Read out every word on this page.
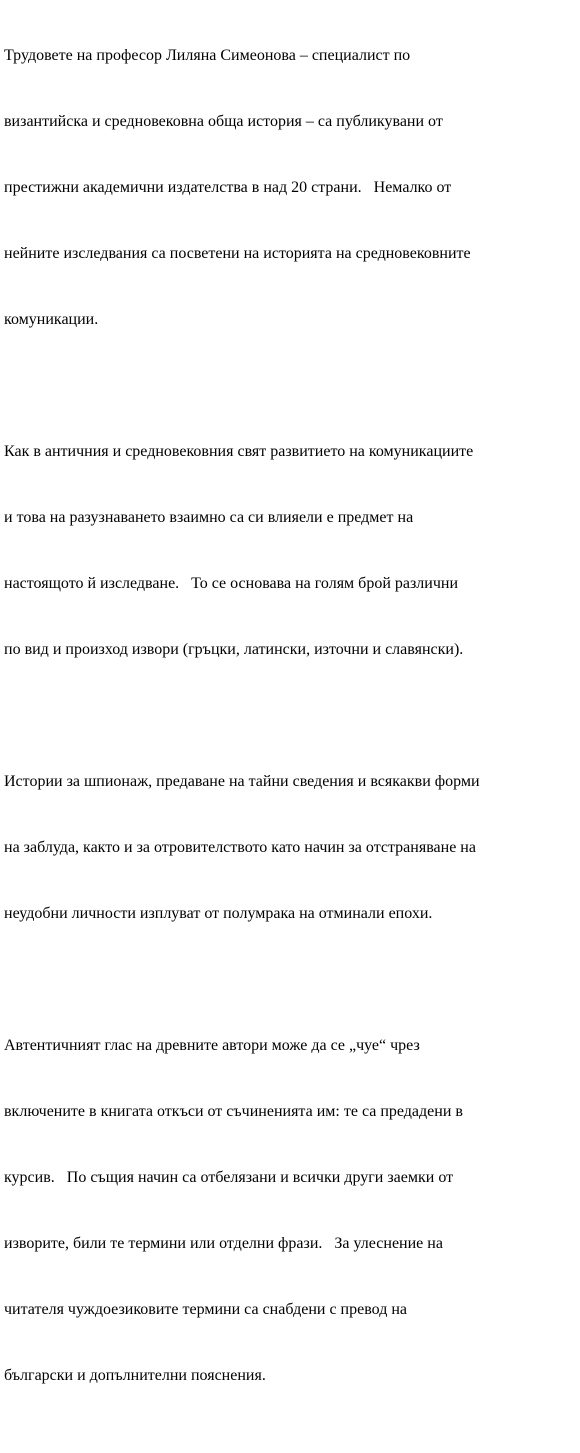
Трудовете на професор Лиляна Симеонова – специалист по

византийска и средновековна обща история – са публикувани от

престижни академични издателства в над 20 страни.   Немалко от

нейните изследвания са посветени на историята на средновековните

комуникации.

Как в античния и средновековния свят развитието на комуникациите

и това на разузнаването взаимно са си влияели е предмет на

настоящото й изследване.   То се основава на голям брой различни

по вид и произход извори (гръцки, латински, източни и славянски).

Истории за шпионаж, предаване на тайни сведения и всякакви форми

на заблуда, както и за отровителството като начин за отстраняване на

неудобни личности изплуват от полумрака на отминали епохи.

Автентичният глас на древните автори може да се „чуе“ чрез

включените в книгата откъси от съчиненията им: те са предадени в

курсив.   По същия начин са отбелязани и всички други заемки от

изворите, били те термини или отделни фрази.   За улеснение на

читателя чуждоезиковите термини са снабдени с превод на

български и допълнителни пояснения.
